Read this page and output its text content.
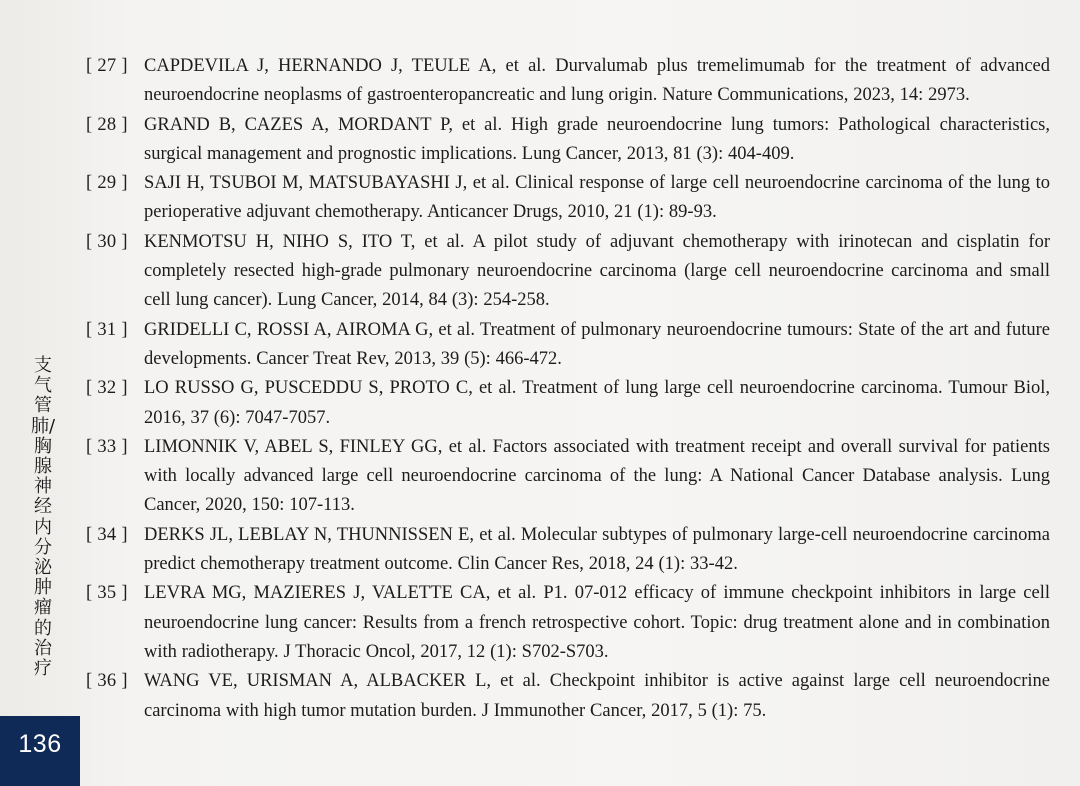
[ 27 ] CAPDEVILA J, HERNANDO J, TEULE A, et al. Durvalumab plus tremelimumab for the treatment of advanced neuroendocrine neoplasms of gastroenteropancreatic and lung origin. Nature Communications, 2023, 14: 2973.
[ 28 ] GRAND B, CAZES A, MORDANT P, et al. High grade neuroendocrine lung tumors: Pathological characteristics, surgical management and prognostic implications. Lung Cancer, 2013, 81 (3): 404-409.
[ 29 ] SAJI H, TSUBOI M, MATSUBAYASHI J, et al. Clinical response of large cell neuroendocrine carcinoma of the lung to perioperative adjuvant chemotherapy. Anticancer Drugs, 2010, 21 (1): 89-93.
[ 30 ] KENMOTSU H, NIHO S, ITO T, et al. A pilot study of adjuvant chemotherapy with irinotecan and cisplatin for completely resected high-grade pulmonary neuroendocrine carcinoma (large cell neuroendocrine carcinoma and small cell lung cancer). Lung Cancer, 2014, 84 (3): 254-258.
[ 31 ] GRIDELLI C, ROSSI A, AIROMA G, et al. Treatment of pulmonary neuroendocrine tumours: State of the art and future developments. Cancer Treat Rev, 2013, 39 (5): 466-472.
[ 32 ] LO RUSSO G, PUSCEDDU S, PROTO C, et al. Treatment of lung large cell neuroendocrine carcinoma. Tumour Biol, 2016, 37 (6): 7047-7057.
[ 33 ] LIMONNIK V, ABEL S, FINLEY GG, et al. Factors associated with treatment receipt and overall survival for patients with locally advanced large cell neuroendocrine carcinoma of the lung: A National Cancer Database analysis. Lung Cancer, 2020, 150: 107-113.
[ 34 ] DERKS JL, LEBLAY N, THUNNISSEN E, et al. Molecular subtypes of pulmonary large-cell neuroendocrine carcinoma predict chemotherapy treatment outcome. Clin Cancer Res, 2018, 24 (1): 33-42.
[ 35 ] LEVRA MG, MAZIERES J, VALETTE CA, et al. P1. 07-012 efficacy of immune checkpoint inhibitors in large cell neuroendocrine lung cancer: Results from a french retrospective cohort. Topic: drug treatment alone and in combination with radiotherapy. J Thoracic Oncol, 2017, 12 (1): S702-S703.
[ 36 ] WANG VE, URISMAN A, ALBACKER L, et al. Checkpoint inhibitor is active against large cell neuroendocrine carcinoma with high tumor mutation burden. J Immunother Cancer, 2017, 5 (1): 75.
支气管肺/胸腺神经内分泌肿瘤的治疗
136
